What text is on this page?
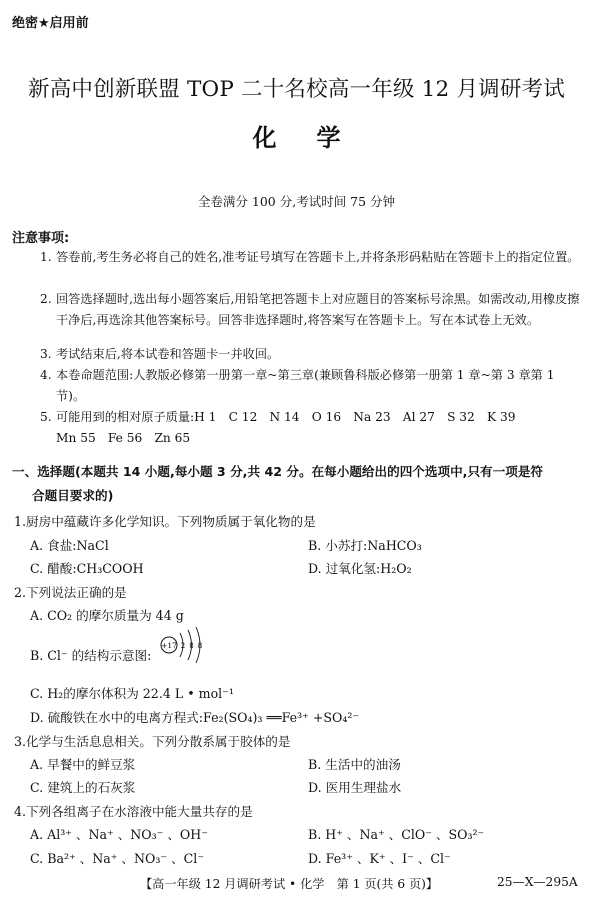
绝密★启用前
新高中创新联盟 TOP 二十名校高一年级 12 月调研考试
化学
全卷满分 100 分,考试时间 75 分钟
注意事项:
1. 答卷前,考生务必将自己的姓名,准考证号填写在答题卡上,并将条形码粘贴在答题卡上的指定位置。
2. 回答选择题时,选出每小题答案后,用铅笔把答题卡上对应题目的答案标号涂黑。如需改动,用橡皮擦干净后,再选涂其他答案标号。回答非选择题时,将答案写在答题卡上。写在本试卷上无效。
3. 考试结束后,将本试卷和答题卡一并收回。
4. 本卷命题范围:人教版必修第一册第一章~第三章(兼顾鲁科版必修第一册第 1 章~第 3 章第 1 节)。
5. 可能用到的相对原子质量:H 1　C 12　N 14　O 16　Na 23　Al 27　S 32　K 39
Mn 55　Fe 56　Zn 65
一、选择题(本题共 14 小题,每小题 3 分,共 42 分。在每小题给出的四个选项中,只有一项是符
合题目要求的)
1.厨房中蕴藏许多化学知识。下列物质属于氧化物的是
A. 食盐:NaCl	B. 小苏打:NaHCO₃
C. 醋酸:CH₃COOH	D. 过氧化氢:H₂O₂
2.下列说法正确的是
A. CO₂ 的摩尔质量为 44 g
B. Cl⁻ 的结构示意图:
+17 2 8 8
C. H₂的摩尔体积为 22.4 L • mol⁻¹
D. 硫酸铁在水中的电离方程式:Fe₂(SO₄)₃ ══Fe³⁺ +SO₄²⁻
3.化学与生活息息相关。下列分散系属于胶体的是
A. 早餐中的鲜豆浆	B. 生活中的油汤
C. 建筑上的石灰浆	D. 医用生理盐水
4.下列各组离子在水溶液中能大量共存的是
A. Al³⁺ 、Na⁺ 、NO₃⁻ 、OH⁻	B. H⁺ 、Na⁺ 、ClO⁻ 、SO₃²⁻
C. Ba²⁺ 、Na⁺ 、NO₃⁻ 、Cl⁻	D. Fe³⁺ 、K⁺ 、I⁻ 、Cl⁻
【高一年级 12 月调研考试 • 化学　第 1 页(共 6 页)】	25—X—295A
